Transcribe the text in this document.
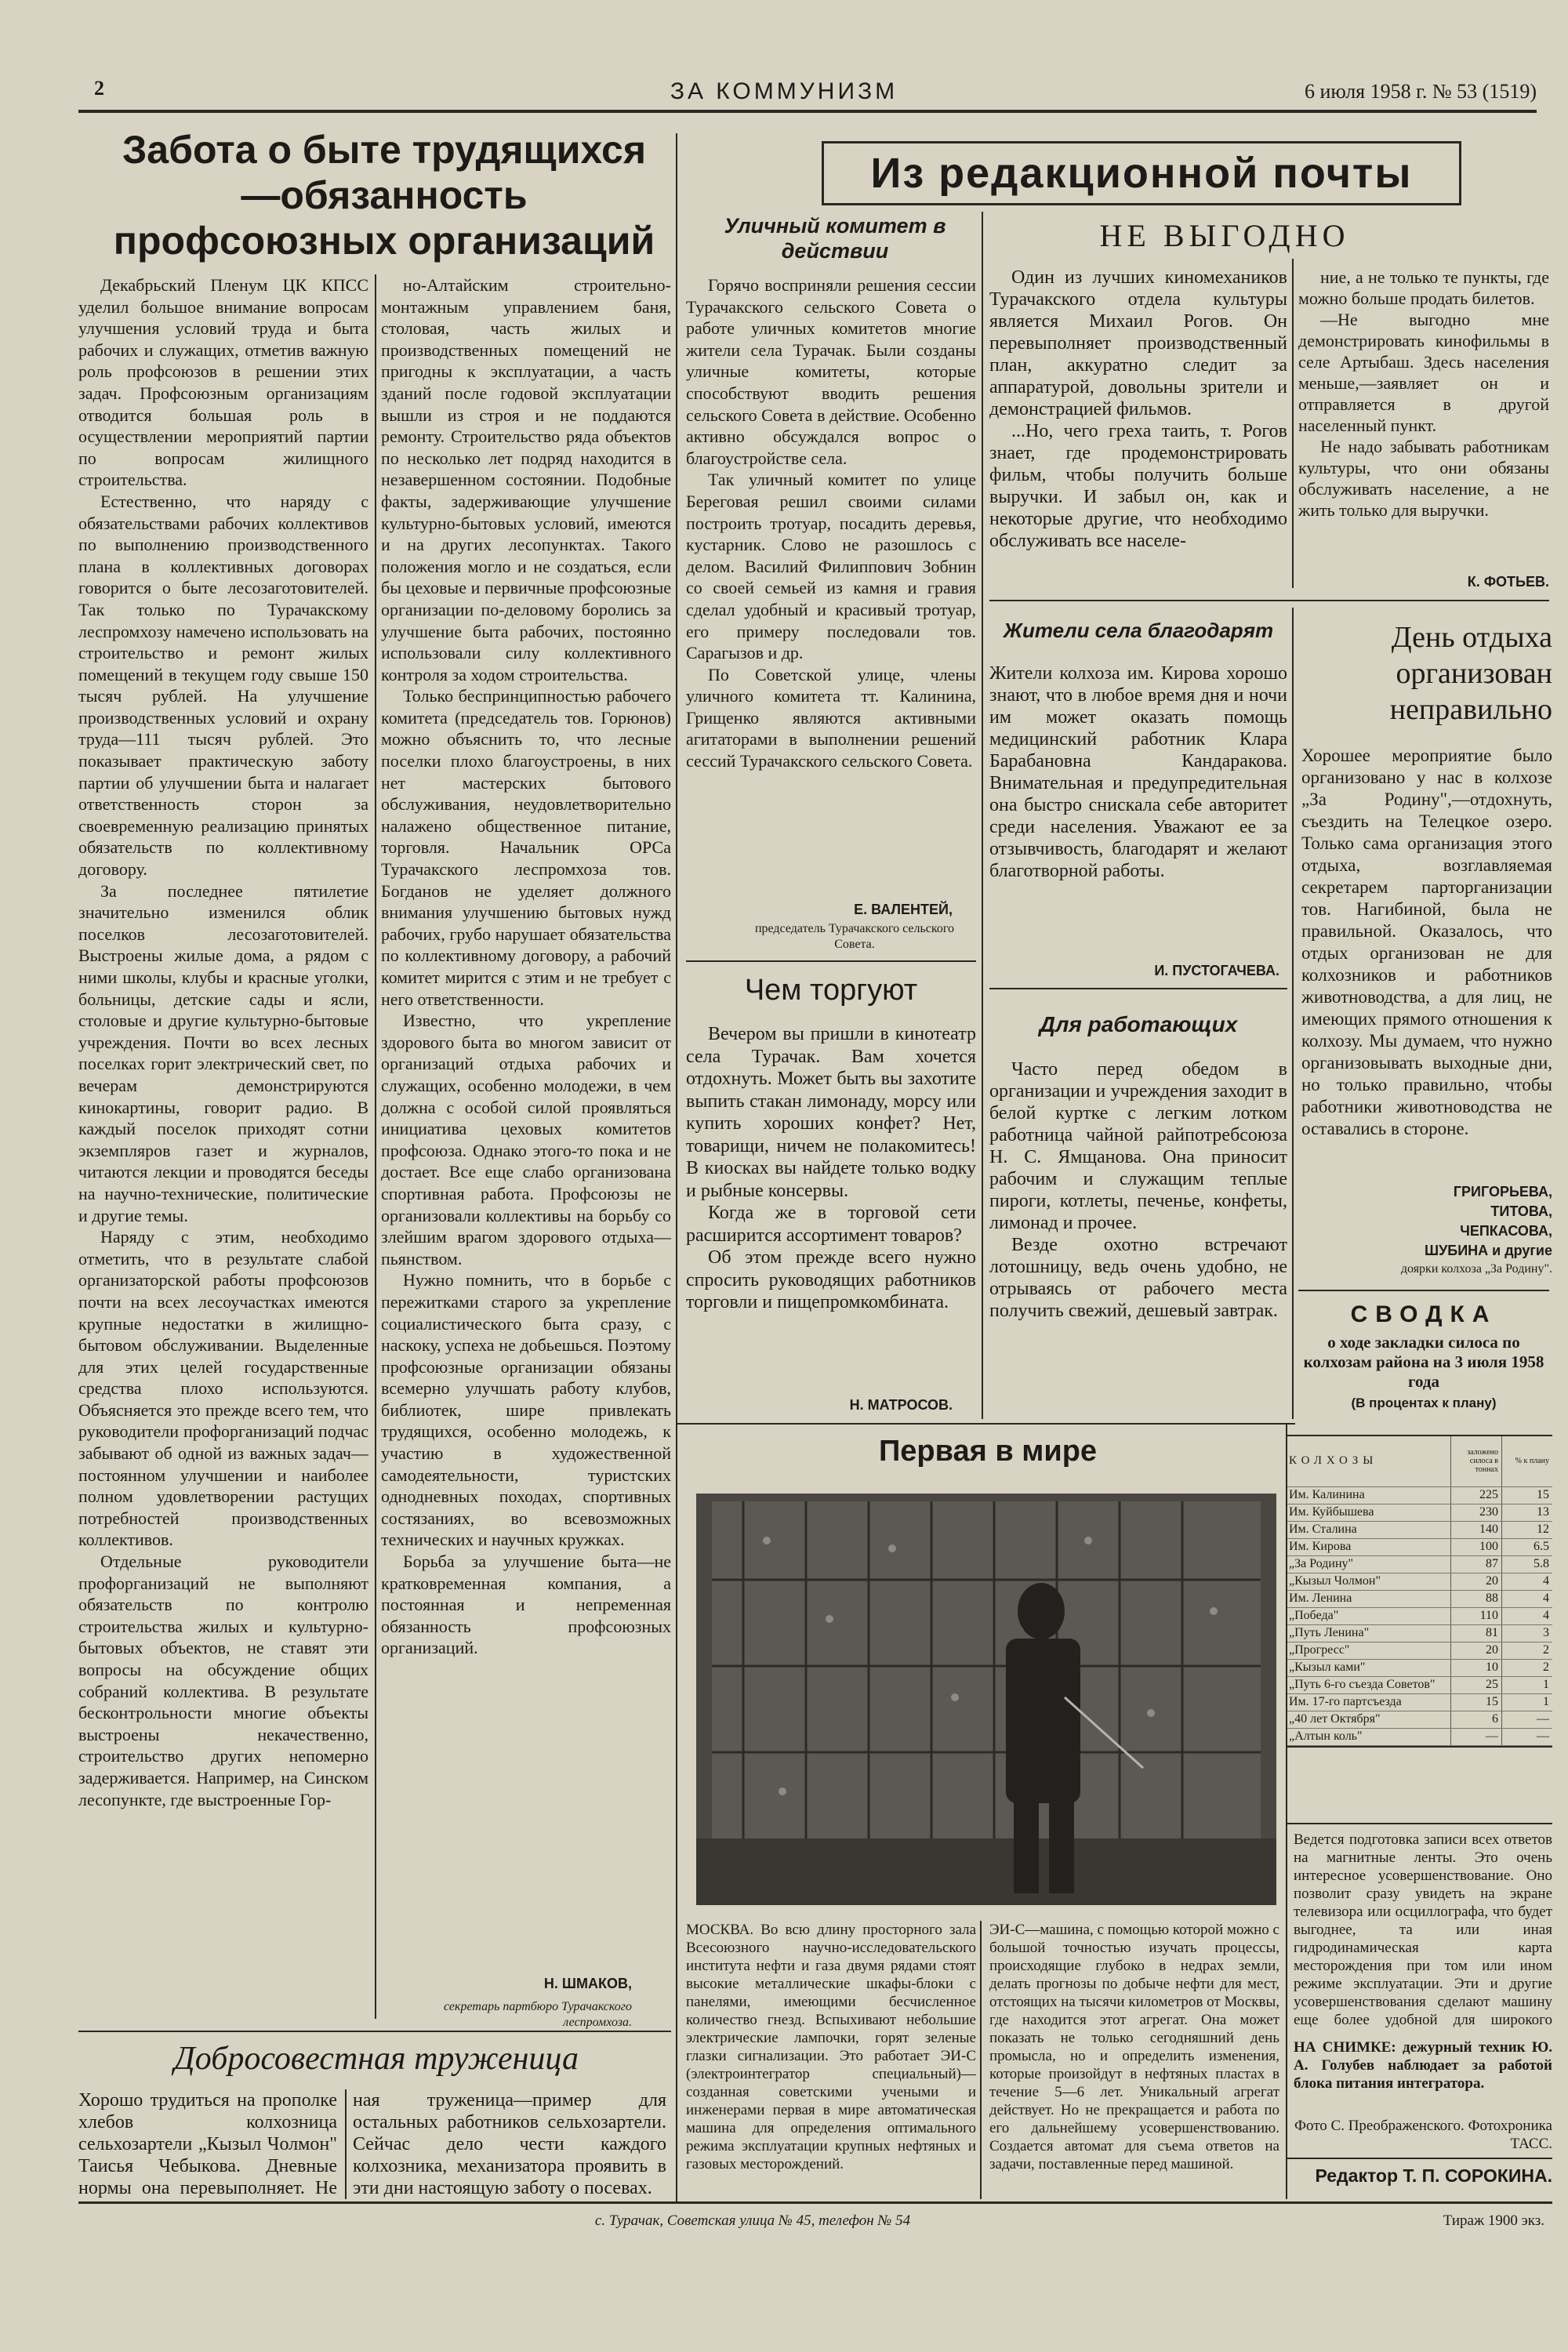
2	ЗА КОММУНИЗМ	6 июля 1958 г. № 53 (1519)
Забота о быте трудящихся—обязанность профсоюзных организаций

Декабрьский Пленум ЦК КПСС уделил большое внимание вопросам улучшения условий труда и быта рабочих и служащих, отметив важную роль профсоюзов в решении этих задач. Профсоюзным организациям отводится большая роль в осуществлении мероприятий партии по вопросам жилищного строительства.

Естественно, что наряду с обязательствами рабочих коллективов по выполнению производственного плана в коллективных договорах говорится о быте лесозаготовителей. Так только по Турачакскому леспромхозу намечено использовать на строительство и ремонт жилых помещений в текущем году свыше 150 тысяч рублей. На улучшение производственных условий и охрану труда—111 тысяч рублей. Это показывает практическую заботу партии об улучшении быта и налагает ответственность сторон за своевременную реализацию принятых обязательств по коллективному договору.

За последнее пятилетие значительно изменился облик поселков лесозаготовителей. Выстроены жилые дома, а рядом с ними школы, клубы и красные уголки, больницы, детские сады и ясли, столовые и другие культурно-бытовые учреждения. Почти во всех лесных поселках горит электрический свет, по вечерам демонстрируются кинокартины, говорит радио. В каждый поселок приходят сотни экземпляров газет и журналов, читаются лекции и проводятся беседы на научно-технические, политические и другие темы.

Наряду с этим, необходимо отметить, что в результате слабой организаторской работы профсоюзов почти на всех лесоучастках имеются крупные недостатки в жилищно-бытовом обслуживании. Выделенные для этих целей государственные средства плохо используются. Объясняется это прежде всего тем, что руководители профорганизаций подчас забывают об одной из важных задач—постоянном улучшении и наиболее полном удовлетворении растущих потребностей производственных коллективов.

Отдельные руководители профорганизаций не выполняют обязательств по контролю строительства жилых и культурно-бытовых объектов, не ставят эти вопросы на обсуждение общих собраний коллектива. В результате бесконтрольности многие объекты выстроены некачественно, строительство других непомерно задерживается. Например, на Синском лесопункте, где выстроенные Гор-

но-Алтайским строительно-монтажным управлением баня, столовая, часть жилых и производственных помещений не пригодны к эксплуатации, а часть зданий после годовой эксплуатации вышли из строя и не поддаются ремонту. Строительство ряда объектов по несколько лет подряд находится в незавершенном состоянии. Подобные факты, задерживающие улучшение культурно-бытовых условий, имеются и на других лесопунктах. Такого положения могло и не создаться, если бы цеховые и первичные профсоюзные организации по-деловому боролись за улучшение быта рабочих, постоянно использовали силу коллективного контроля за ходом строительства.

Только беспринципностью рабочего комитета (председатель тов. Горюнов) можно объяснить то, что лесные поселки плохо благоустроены, в них нет мастерских бытового обслуживания, неудовлетворительно налажено общественное питание, торговля. Начальник ОРСа Турачакского леспромхоза тов. Богданов не уделяет должного внимания улучшению бытовых нужд рабочих, грубо нарушает обязательства по коллективному договору, а рабочий комитет мирится с этим и не требует с него ответственности.

Известно, что укрепление здорового быта во многом зависит от организаций отдыха рабочих и служащих, особенно молодежи, в чем должна с особой силой проявляться инициатива цеховых комитетов профсоюза. Однако этого-то пока и не достает. Все еще слабо организована спортивная работа. Профсоюзы не организовали коллективы на борьбу со злейшим врагом здорового отдыха—пьянством.

Нужно помнить, что в борьбе с пережитками старого за укрепление социалистического быта сразу, с наскоку, успеха не добьешься. Поэтому профсоюзные организации обязаны всемерно улучшать работу клубов, библиотек, шире привлекать трудящихся, особенно молодежь, к участию в художественной самодеятельности, туристских однодневных походах, спортивных состязаниях, во всевозможных технических и научных кружках.

Борьба за улучшение быта—не кратковременная компания, а постоянная и непременная обязанность профсоюзных организаций.

Н. ШМАКОВ,
секретарь партбюро Турачакского леспромхоза.
Добросовестная труженица
Хорошо трудиться на прополке хлебов колхозница сельхозартели „Кызыл Чолмон" Таисья Чебыкова. Дневные нормы она перевыполняет. Не
ная труженица—пример для остальных работников сельхозартели. Сейчас дело чести каждого колхозника, механизатора проявить в эти дни настоящую заботу о посевах.
Из редакционной почты
Уличный комитет в действии

Горячо восприняли решения сессии Турачакского сельского Совета о работе уличных комитетов многие жители села Турачак. Были созданы уличные комитеты, которые способствуют вводить решения сельского Совета в действие. Особенно активно обсуждался вопрос о благоустройстве села.

Так уличный комитет по улице Береговая решил своими силами построить тротуар, посадить деревья, кустарник. Слово не разошлось с делом. Василий Филиппович Зобнин со своей семьей из камня и гравия сделал удобный и красивый тротуар, его примеру последовали тов. Сарагызов и др.

По Советской улице, члены уличного комитета тт. Калинина, Грищенко являются активными агитаторами в выполнении решений сессий Турачакского сельского Совета.

Е. ВАЛЕНТЕЙ,
председатель Турачакского сельского Совета.
Чем торгуют

Вечером вы пришли в кинотеатр села Турачак. Вам хочется отдохнуть. Может быть вы захотите выпить стакан лимонаду, морсу или купить хороших конфет? Нет, товарищи, ничем не полакомитесь! В киосках вы найдете только водку и рыбные консервы.

Когда же в торговой сети расширится ассортимент товаров?

Об этом прежде всего нужно спросить руководящих работников торговли и пищепромкомбината.

Н. МАТРОСОВ.
НЕ ВЫГОДНО

Один из лучших киномехаников Турачакского отдела культуры является Михаил Рогов. Он перевыполняет производственный план, аккуратно следит за аппаратурой, довольны зрители и демонстрацией фильмов.

...Но, чего греха таить, т. Рогов знает, где продемонстрировать фильм, чтобы получить больше выручки. И забыл он, как и некоторые другие, что необходимо обслуживать все населе-

ние, а не только те пункты, где можно больше продать билетов.

—Не выгодно мне демонстрировать кинофильмы в селе Артыбаш. Здесь населения меньше,—заявляет он и отправляется в другой населенный пункт.

Не надо забывать работникам культуры, что они обязаны обслуживать население, а не жить только для выручки.

К. ФОТЬЕВ.
Жители села благодарят
Жители колхоза им. Кирова хорошо знают, что в любое время дня и ночи им может оказать помощь медицинский работник Клара Барабановна Кандаракова. Внимательная и предупредительная она быстро снискала себе авторитет среди населения. Уважают ее за отзывчивость, благодарят и желают благотворной работы.
И. ПУСТОГАЧЕВА.
Для работающих

Часто перед обедом в организации и учреждения заходит в белой куртке с легким лотком работница чайной райпотребсоюза Н. С. Ямщанова. Она приносит рабочим и служащим теплые пироги, котлеты, печенье, конфеты, лимонад и прочее.

Везде охотно встречают лотошницу, ведь очень удобно, не отрываясь от рабочего места получить свежий, дешевый завтрак.

День отдыха организован неправильно
Хорошее мероприятие было организовано у нас в колхозе „За Родину",—отдохнуть, съездить на Телецкое озеро. Только сама организация этого отдыха, возглавляемая секретарем парторганизации тов. Нагибиной, была не правильной. Оказалось, что отдых организован не для колхозников и работников животноводства, а для лиц, не имеющих прямого отношения к колхозу. Мы думаем, что нужно организовывать выходные дни, но только правильно, чтобы работники животноводства не оставались в стороне.
ГРИГОРЬЕВА,
ТИТОВА,
ЧЕПКАСОВА,
ШУБИНА и другие
доярки колхоза „За Родину".
СВОДКА
о ходе закладки силоса по колхозам района на 3 июля 1958 года
(В процентах к плану)
КОЛХОЗЫ	заложено силоса в тоннах	% к плану
Им. Калинина	225	15
Им. Куйбышева	230	13
Им. Сталина	140	12
Им. Кирова	100	6.5
„За Родину"	87	5.8
„Кызыл Чолмон"	20	4
Им. Ленина	88	4
„Победа"	110	4
„Путь Ленина"	81	3
„Прогресс"	20	2
„Кызыл ками"	10	2
„Путь 6-го съезда Советов"	25	1
Им. 17-го партсъезда	15	1
„40 лет Октября"	6	—
„Алтын коль"	—	—
Первая в мире
МОСКВА. Во всю длину просторного зала Всесоюзного научно-исследовательского института нефти и газа двумя рядами стоят высокие металлические шкафы-блоки с панелями, имеющими бесчисленное количество гнезд. Вспыхивают небольшие электрические лампочки, горят зеленые глазки сигнализации. Это работает ЭИ-С (электроинтегратор специальный)—созданная советскими учеными и инженерами первая в мире автоматическая машина для определения оптимального режима эксплуатации крупных нефтяных и газовых месторождений.
ЭИ-С—машина, с помощью которой можно с большой точностью изучать процессы, происходящие глубоко в недрах земли, делать прогнозы по добыче нефти для мест, отстоящих на тысячи километров от Москвы, где находится этот агрегат. Она может показать не только сегодняшний день промысла, но и определить изменения, которые произойдут в нефтяных пластах в течение 5—6 лет. Уникальный агрегат действует. Но не прекращается и работа по его дальнейшему усовершенствованию. Создается автомат для съема ответов на задачи, поставленные перед машиной.
Ведется подготовка записи всех ответов на магнитные ленты. Это очень интересное усовершенствование. Оно позволит сразу увидеть на экране телевизора или осциллографа, что будет выгоднее, та или иная гидродинамическая карта месторождения при том или ином режиме эксплуатации. Эти и другие усовершенствования сделают машину еще более удобной для широкого
НА СНИМКЕ: дежурный техник Ю. А. Голубев наблюдает за работой блока питания интегратора.
Фото С. Преображенского. Фотохроника ТАСС.
Редактор Т. П. СОРОКИНА.
с. Турачак, Советская улица № 45, телефон № 54	Тираж 1900 экз.
